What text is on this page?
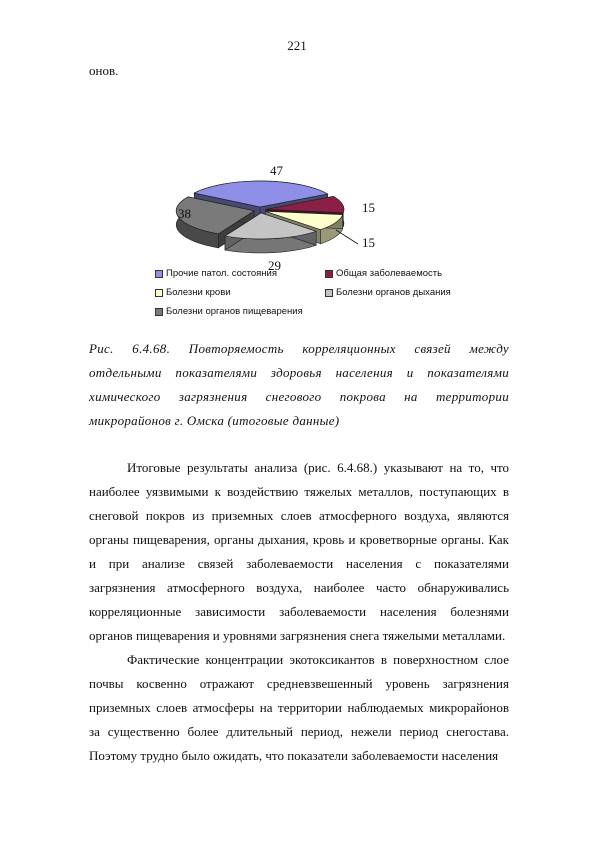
221
онов.
47
15
15
29
38
Прочие патол. состояния	Общая заболеваемость
Болезни крови	Болезни органов дыхания
Болезни органов пищеварения
Рис. 6.4.68. Повторяемость корреляционных связей между отдельными показателями здоровья населения и показателями химического загрязнения снегового покрова на территории микрорайонов г. Омска (итоговые данные)

Итоговые результаты анализа (рис. 6.4.68.) указывают на то, что наиболее уязвимыми к воздействию тяжелых металлов, поступающих в снеговой покров из приземных слоев атмосферного воздуха, являются органы пищеварения, органы дыхания, кровь и кроветворные органы. Как и при анализе связей заболеваемости населения с показателями загрязнения атмосферного воздуха, наиболее часто обнаруживались корреляционные зависимости заболеваемости населения болезнями органов пищеварения и уровнями загрязнения снега тяжелыми металлами.

Фактические концентрации экотоксикантов в поверхностном слое почвы косвенно отражают средневзвешенный уровень загрязнения приземных слоев атмосферы на территории наблюдаемых микрорайонов за существенно более длительный период, нежели период снегостава. Поэтому трудно было ожидать, что показатели заболеваемости населения
